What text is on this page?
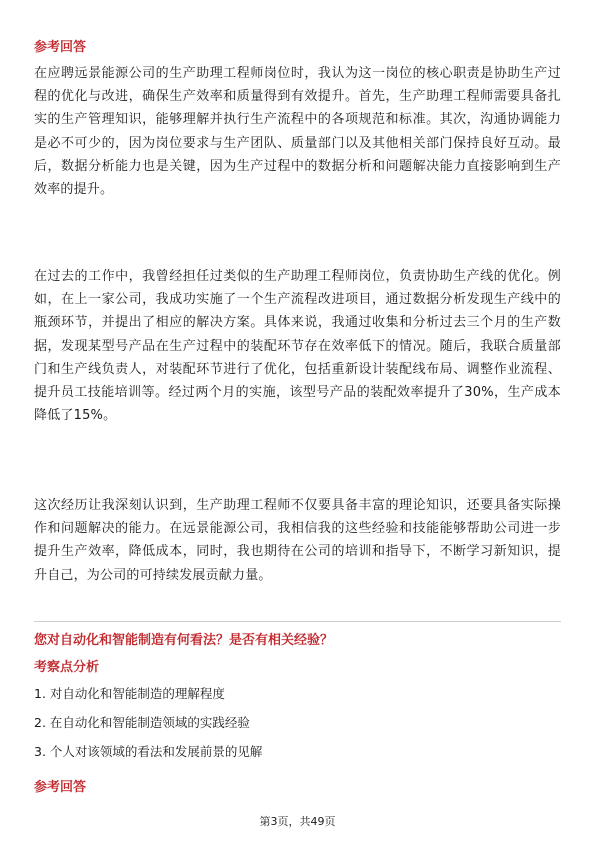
参考回答

在应聘远景能源公司的生产助理工程师岗位时，我认为这一岗位的核心职责是协助生产过程的优化与改进，确保生产效率和质量得到有效提升。首先，生产助理工程师需要具备扎实的生产管理知识，能够理解并执行生产流程中的各项规范和标准。其次，沟通协调能力是必不可少的，因为岗位要求与生产团队、质量部门以及其他相关部门保持良好互动。最后，数据分析能力也是关键，因为生产过程中的数据分析和问题解决能力直接影响到生产效率的提升。

在过去的工作中，我曾经担任过类似的生产助理工程师岗位，负责协助生产线的优化。例如，在上一家公司，我成功实施了一个生产流程改进项目，通过数据分析发现生产线中的瓶颈环节，并提出了相应的解决方案。具体来说，我通过收集和分析过去三个月的生产数据，发现某型号产品在生产过程中的装配环节存在效率低下的情况。随后，我联合质量部门和生产线负责人，对装配环节进行了优化，包括重新设计装配线布局、调整作业流程、提升员工技能培训等。经过两个月的实施，该型号产品的装配效率提升了30%，生产成本降低了15%。

这次经历让我深刻认识到，生产助理工程师不仅要具备丰富的理论知识，还要具备实际操作和问题解决的能力。在远景能源公司，我相信我的这些经验和技能能够帮助公司进一步提升生产效率，降低成本，同时，我也期待在公司的培训和指导下，不断学习新知识，提升自己，为公司的可持续发展贡献力量。

您对自动化和智能制造有何看法？是否有相关经验？

考察点分析

1. 对自动化和智能制造的理解程度

2. 在自动化和智能制造领域的实践经验

3. 个人对该领域的看法和发展前景的见解

参考回答

第3页，共49页
